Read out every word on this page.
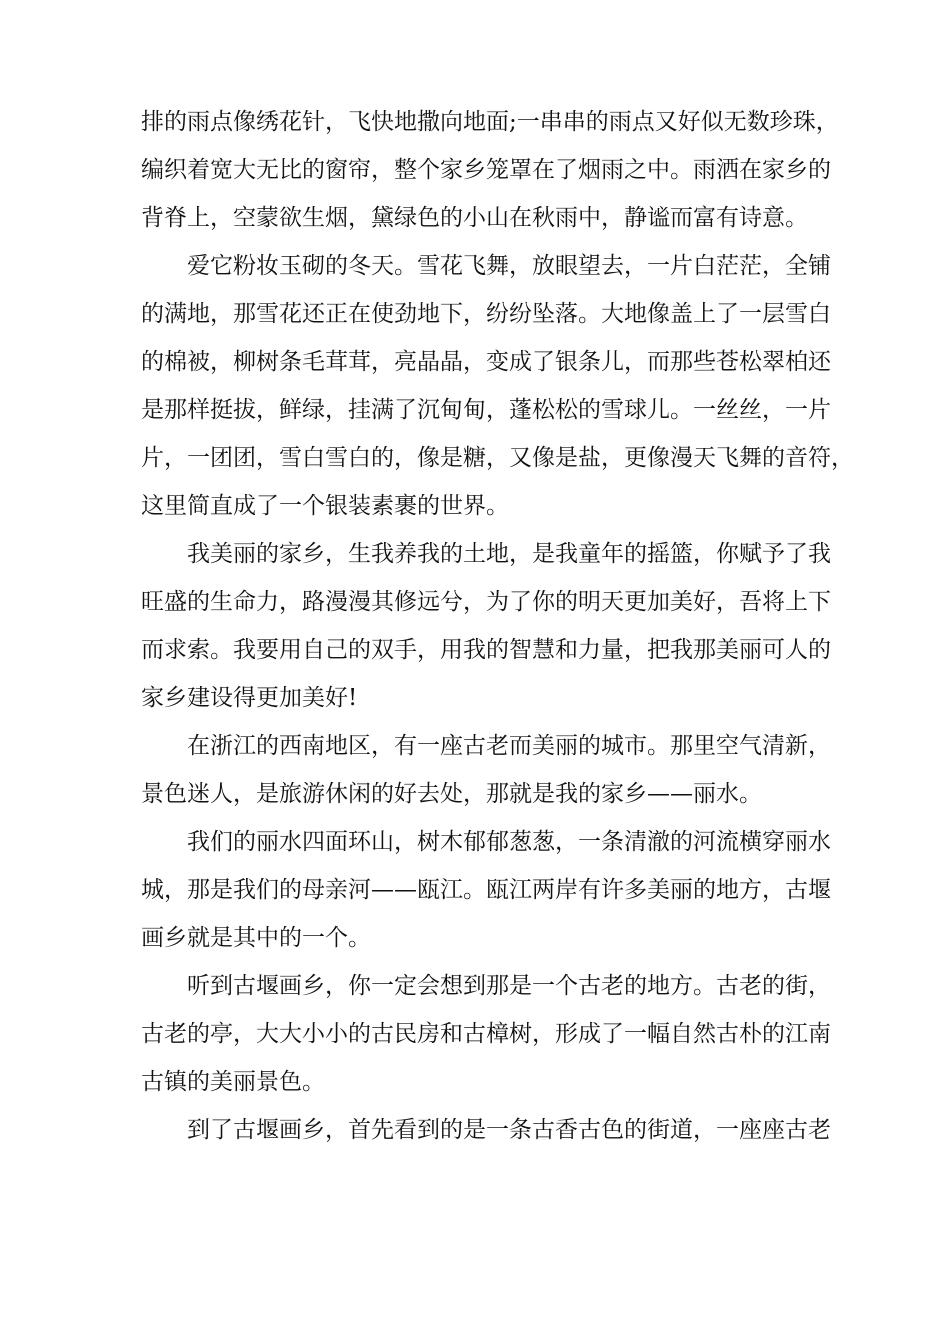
排的雨点像绣花针，飞快地撒向地面;一串串的雨点又好似无数珍珠，
编织着宽大无比的窗帘，整个家乡笼罩在了烟雨之中。雨洒在家乡的
背脊上，空蒙欲生烟，黛绿色的小山在秋雨中，静谧而富有诗意。
爱它粉妆玉砌的冬天。雪花飞舞，放眼望去，一片白茫茫，全铺
的满地，那雪花还正在使劲地下，纷纷坠落。大地像盖上了一层雪白
的棉被，柳树条毛茸茸，亮晶晶，变成了银条儿，而那些苍松翠柏还
是那样挺拔，鲜绿，挂满了沉甸甸，蓬松松的雪球儿。一丝丝，一片
片，一团团，雪白雪白的，像是糖，又像是盐，更像漫天飞舞的音符，
这里简直成了一个银装素裹的世界。
我美丽的家乡，生我养我的土地，是我童年的摇篮，你赋予了我
旺盛的生命力，路漫漫其修远兮，为了你的明天更加美好，吾将上下
而求索。我要用自己的双手，用我的智慧和力量，把我那美丽可人的
家乡建设得更加美好!
在浙江的西南地区，有一座古老而美丽的城市。那里空气清新，
景色迷人，是旅游休闲的好去处，那就是我的家乡——丽水。
我们的丽水四面环山，树木郁郁葱葱，一条清澈的河流横穿丽水
城，那是我们的母亲河——瓯江。瓯江两岸有许多美丽的地方，古堰
画乡就是其中的一个。
听到古堰画乡，你一定会想到那是一个古老的地方。古老的街，
古老的亭，大大小小的古民房和古樟树，形成了一幅自然古朴的江南
古镇的美丽景色。
到了古堰画乡，首先看到的是一条古香古色的街道，一座座古老
